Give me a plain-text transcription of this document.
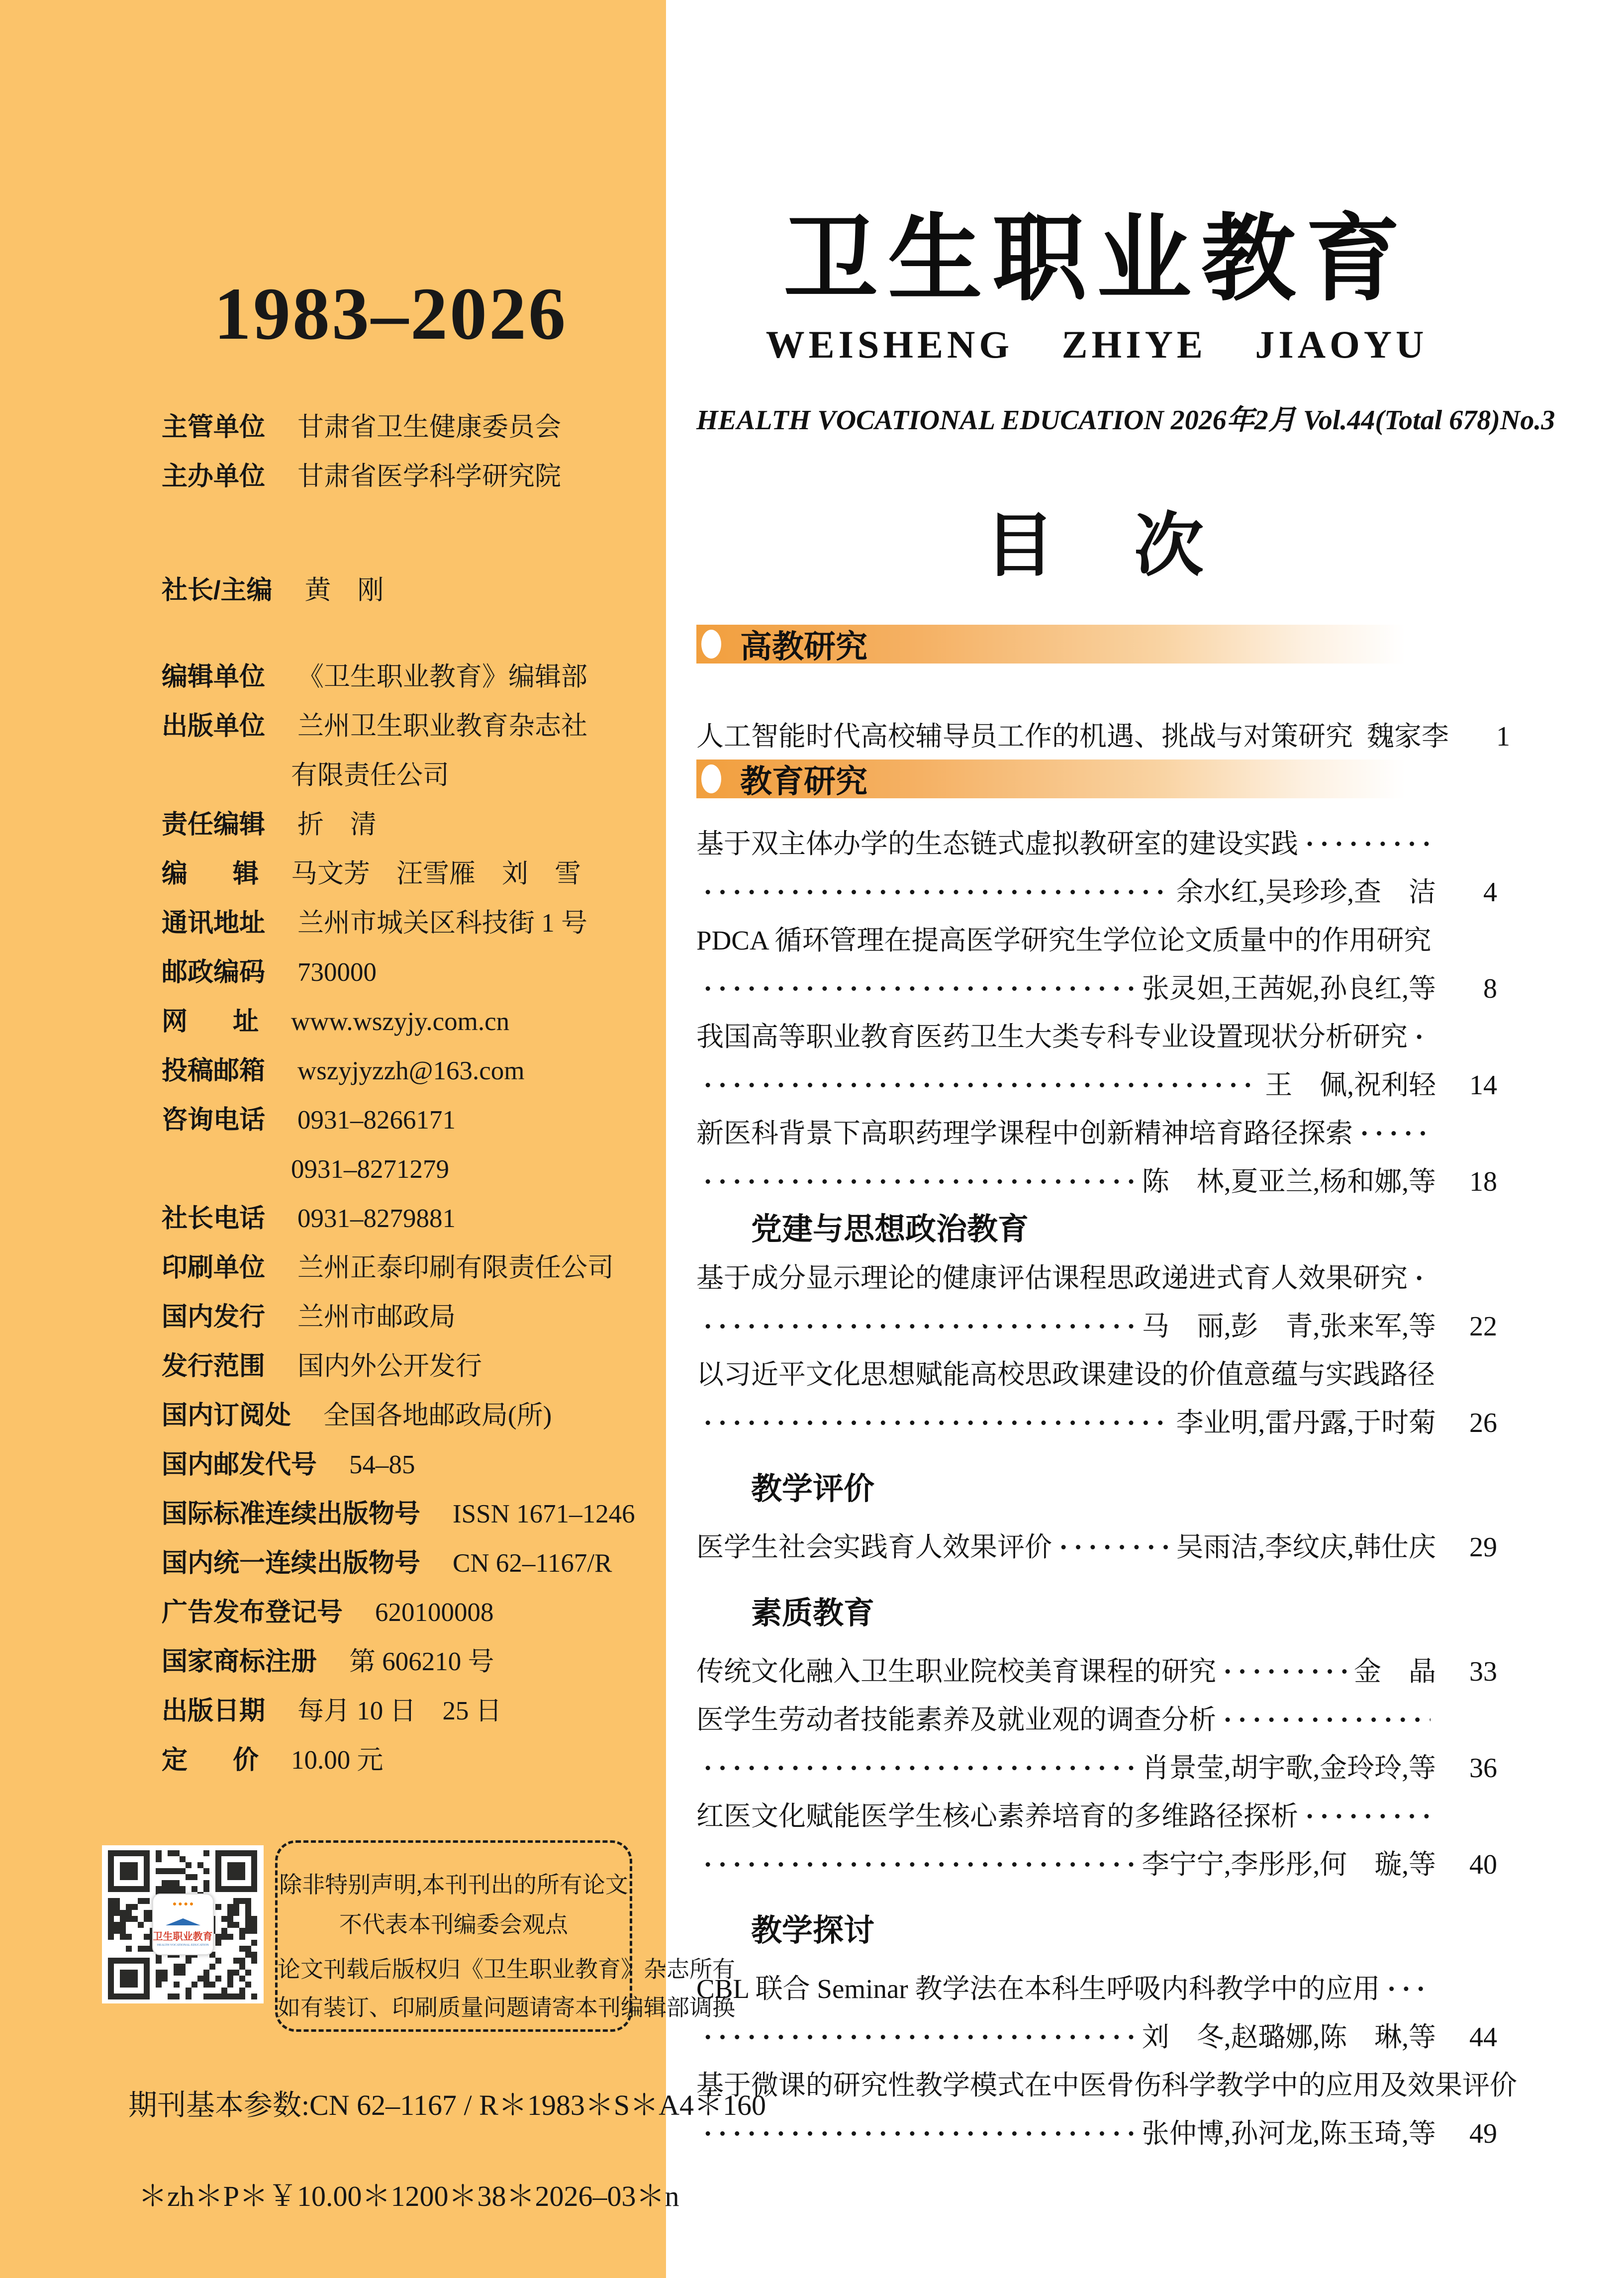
1983–2026
主管单位 甘肃省卫生健康委员会
主办单位 甘肃省医学科学研究院
社长/主编 黄　刚
编辑单位 《卫生职业教育》编辑部
出版单位 兰州卫生职业教育杂志社
有限责任公司
责任编辑 折　清
编辑 马文芳　汪雪雁　刘　雪
通讯地址 兰州市城关区科技街 1 号
邮政编码 730000
网址 www.wszyjy.com.cn
投稿邮箱 wszyjyzzh@163.com
咨询电话 0931–8266171
0931–8271279
社长电话 0931–8279881
印刷单位 兰州正泰印刷有限责任公司
国内发行 兰州市邮政局
发行范围 国内外公开发行
国内订阅处 全国各地邮政局(所)
国内邮发代号 54–85
国际标准连续出版物号 ISSN 1671–1246
国内统一连续出版物号 CN 62–1167/R
广告发布登记号 620100008
国家商标注册 第 606210 号
出版日期 每月 10 日　25 日
定价 10.00 元
卫生职业教育
HEALTH VOCATIONAL EDUCATION
除非特别声明,本刊刊出的所有论文
不代表本刊编委会观点
论文刊载后版权归《卫生职业教育》杂志所有
如有装订、印刷质量问题请寄本刊编辑部调换
期刊基本参数:CN 62–1167 / R＊1983＊S＊A4＊160
＊zh＊P＊￥10.00＊1200＊38＊2026–03＊n
卫生职业教育
WEISHENG ZHIYE JIAOYU
HEALTH VOCATIONAL EDUCATION 2026年2月 Vol.44(Total 678)No.3
目　次
高教研究
人工智能时代高校辅导员工作的机遇、挑战与对策研究 魏家李	1
教育研究
基于双主体办学的生态链式虚拟教研室的建设实践
·····
·····
余水红,吴珍珍,查　洁	4
PDCA 循环管理在提高医学研究生学位论文质量中的作用研究
·····
张灵妲,王茜妮,孙良红,等	8
我国高等职业教育医药卫生大类专科专业设置现状分析研究
·····
·····
王　佩,祝利轻	14
新医科背景下高职药理学课程中创新精神培育路径探索
·····
·····
陈　林,夏亚兰,杨和娜,等	18
党建与思想政治教育
基于成分显示理论的健康评估课程思政递进式育人效果研究
·····
·····
马　丽,彭　青,张来军,等	22
以习近平文化思想赋能高校思政课建设的价值意蕴与实践路径
·····
李业明,雷丹露,于时菊	26
教学评价
医学生社会实践育人效果评价 ·····	吴雨洁,李纹庆,韩仕庆	29
素质教育
传统文化融入卫生职业院校美育课程的研究 ·····	金　晶	33
医学生劳动者技能素养及就业观的调查分析
·····
·····
肖景莹,胡宇歌,金玲玲,等	36
红医文化赋能医学生核心素养培育的多维路径探析
·····
·····
李宁宁,李彤彤,何　璇,等	40
教学探讨
CBL 联合 Seminar 教学法在本科生呼吸内科教学中的应用
·····
·····
刘　冬,赵璐娜,陈　琳,等	44
基于微课的研究性教学模式在中医骨伤科学教学中的应用及效果评价
·····
张仲博,孙河龙,陈玉琦,等	49
